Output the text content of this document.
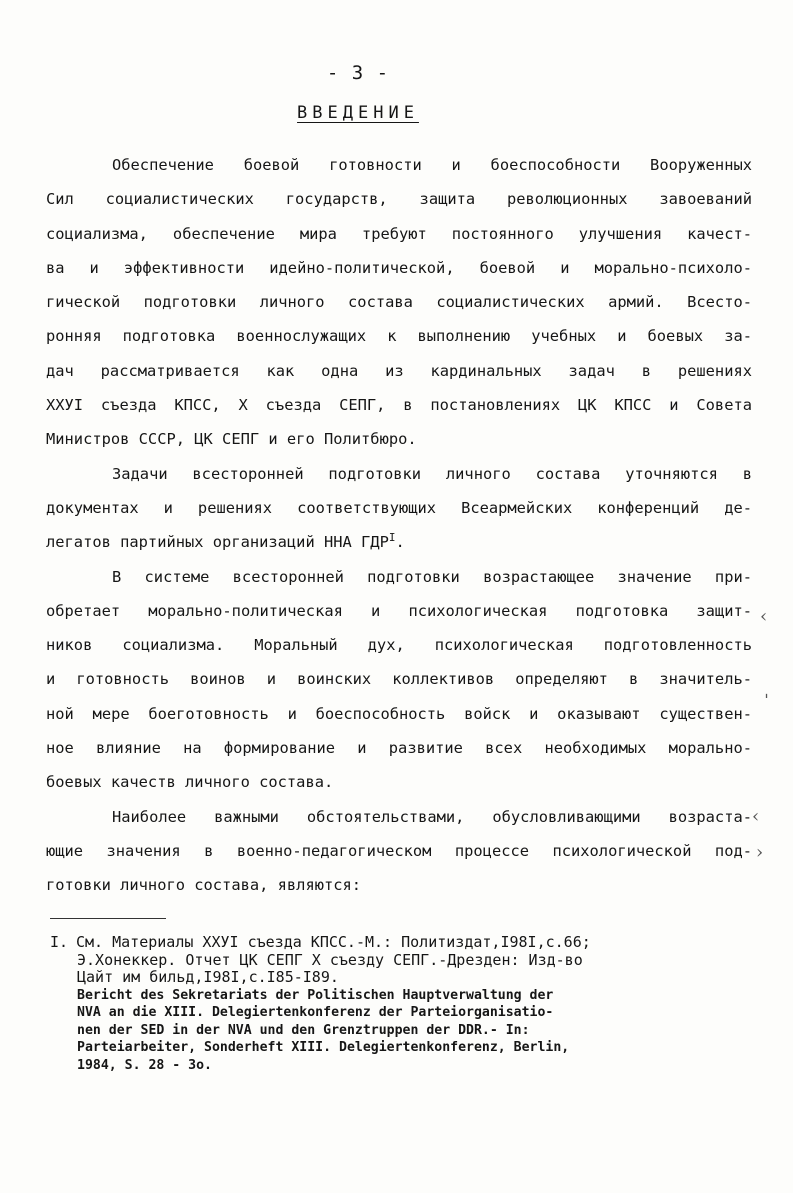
- 3 -
ВВЕДЕНИЕ
Обеспечение боевой готовности и боеспособности Вооруженных
Сил социалистических государств, защита революционных завоеваний
социализма, обеспечение мира требуют постоянного улучшения качест-
ва и эффективности идейно-политической, боевой и морально-психоло-
гической подготовки личного состава социалистических армий. Всесто-
ронняя подготовка военнослужащих к выполнению учебных и боевых за-
дач рассматривается как одна из кардинальных задач в решениях
XXУI съезда КПСС, X съезда СЕПГ, в постановлениях ЦК КПСС и Совета
Министров СССР, ЦК СЕПГ и его Политбюро.
Задачи всесторонней подготовки личного состава уточняются в
документах и решениях соответствующих Всеармейских конференций де-
легатов партийных организаций ННА $ГДР^I$.
В системе всесторонней подготовки возрастающее значение при-
обретает морально-политическая и психологическая подготовка защит-
ников социализма. Моральный дух, психологическая подготовленность
и готовность воинов и воинских коллективов определяют в значитель-
ной мере боеготовность и боеспособность войск и оказывают существен-
ное влияние на формирование и развитие всех необходимых морально-
боевых качеств личного состава.
Наиболее важными обстоятельствами, обусловливающими возраста-
ющие значения в военно-педагогическом процессе психологической под-
готовки личного состава, являются:
‹
ˌ
‹
›
I. См. Материалы XXУI съезда КПСС.-М.: Политиздат,I98I,с.66;
Э.Хонеккер. Отчет ЦК СЕПГ X съезду СЕПГ.-Дрезден: Изд-во
Цайт им бильд,I98I,с.I85-I89.
Bericht des Sekretariats der Politischen Hauptverwaltung der
NVA an die XIII. Delegiertenkonferenz der Parteiorganisatio-
nen der SED in der NVA und den Grenztruppen der DDR.- In:
Parteiarbeiter, Sonderheft XIII. Delegiertenkonferenz, Berlin,
1984, S. 28 - 3o.
